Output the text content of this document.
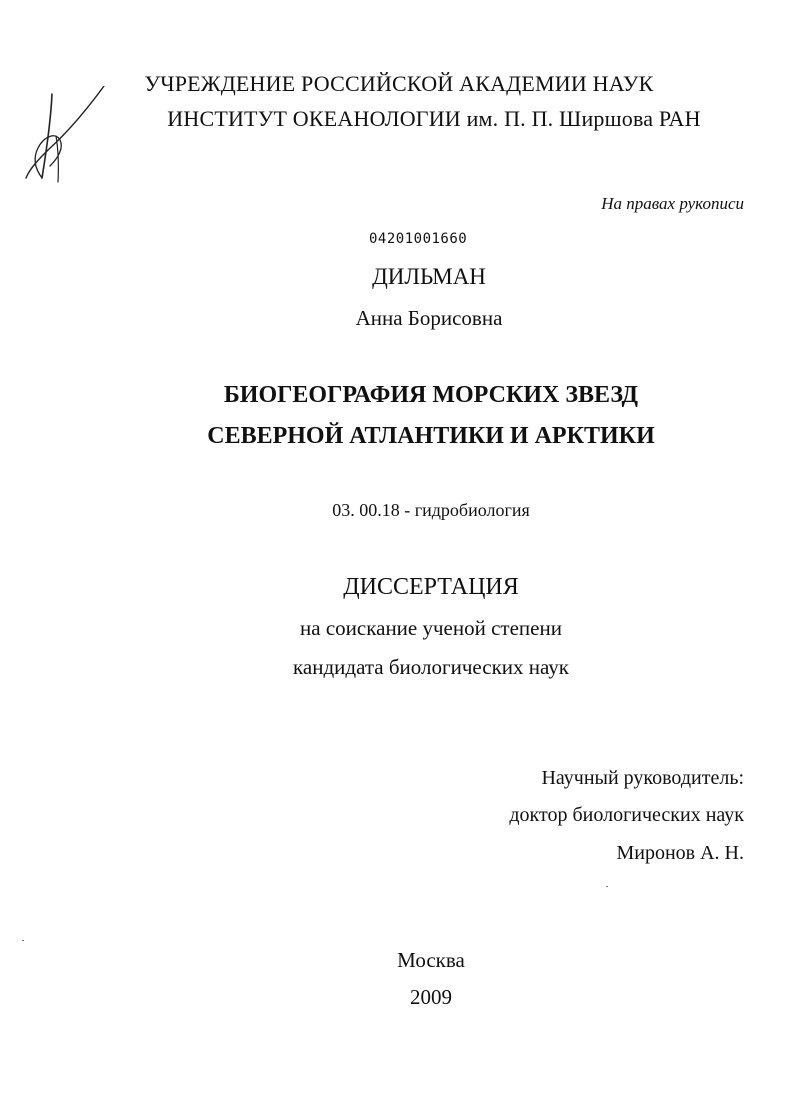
УЧРЕЖДЕНИЕ РОССИЙСКОЙ АКАДЕМИИ НАУК
ИНСТИТУТ ОКЕАНОЛОГИИ им. П. П. Ширшова РАН
На правах рукописи
04201001660
ДИЛЬМАН
Анна Борисовна
БИОГЕОГРАФИЯ МОРСКИХ ЗВЕЗД
СЕВЕРНОЙ АТЛАНТИКИ И АРКТИКИ
03. 00.18 - гидробиология
ДИССЕРТАЦИЯ
на соискание ученой степени
кандидата биологических наук
Научный руководитель:
доктор биологических наук
Миронов А. Н.
Москва
2009
